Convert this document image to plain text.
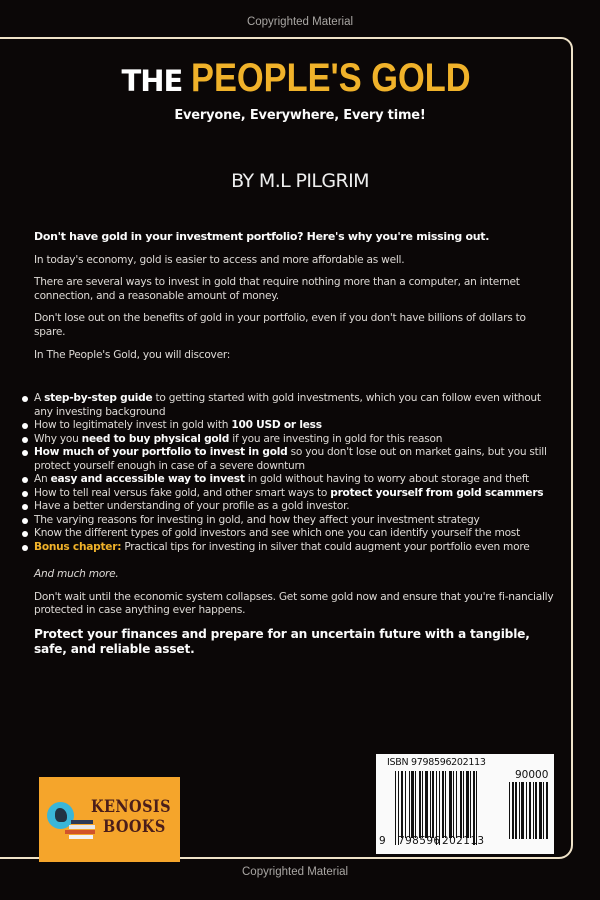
Copyrighted Material
THE PEOPLE'S GOLD
Everyone, Everywhere, Every time!
BY M.L PILGRIM

Don't have gold in your investment portfolio? Here's why you're missing out.

In today's economy, gold is easier to access and more affordable as well.

There are several ways to invest in gold that require nothing more than a computer, an internet connection, and a reasonable amount of money.

Don't lose out on the benefits of gold in your portfolio, even if you don't have billions of dollars to spare.

In The People's Gold, you will discover:

A step-by-step guide to getting started with gold investments, which you can follow even without any investing background
How to legitimately invest in gold with 100 USD or less
Why you need to buy physical gold if you are investing in gold for this reason
How much of your portfolio to invest in gold so you don't lose out on market gains, but you still protect yourself enough in case of a severe downturn
An easy and accessible way to invest in gold without having to worry about storage and theft
How to tell real versus fake gold, and other smart ways to protect yourself from gold scammers
Have a better understanding of your profile as a gold investor.
The varying reasons for investing in gold, and how they affect your investment strategy
Know the different types of gold investors and see which one you can identify yourself the most
Bonus chapter: Practical tips for investing in silver that could augment your portfolio even more

And much more.

Don't wait until the economic system collapses. Get some gold now and ensure that you're fi-nancially protected in case anything ever happens.

Protect your finances and prepare for an uncertain future with a tangible, safe, and reliable asset.

KENOSIS
BOOKS
Copyrighted Material
ISBN 9798596202113
90000
9 798596 202113
